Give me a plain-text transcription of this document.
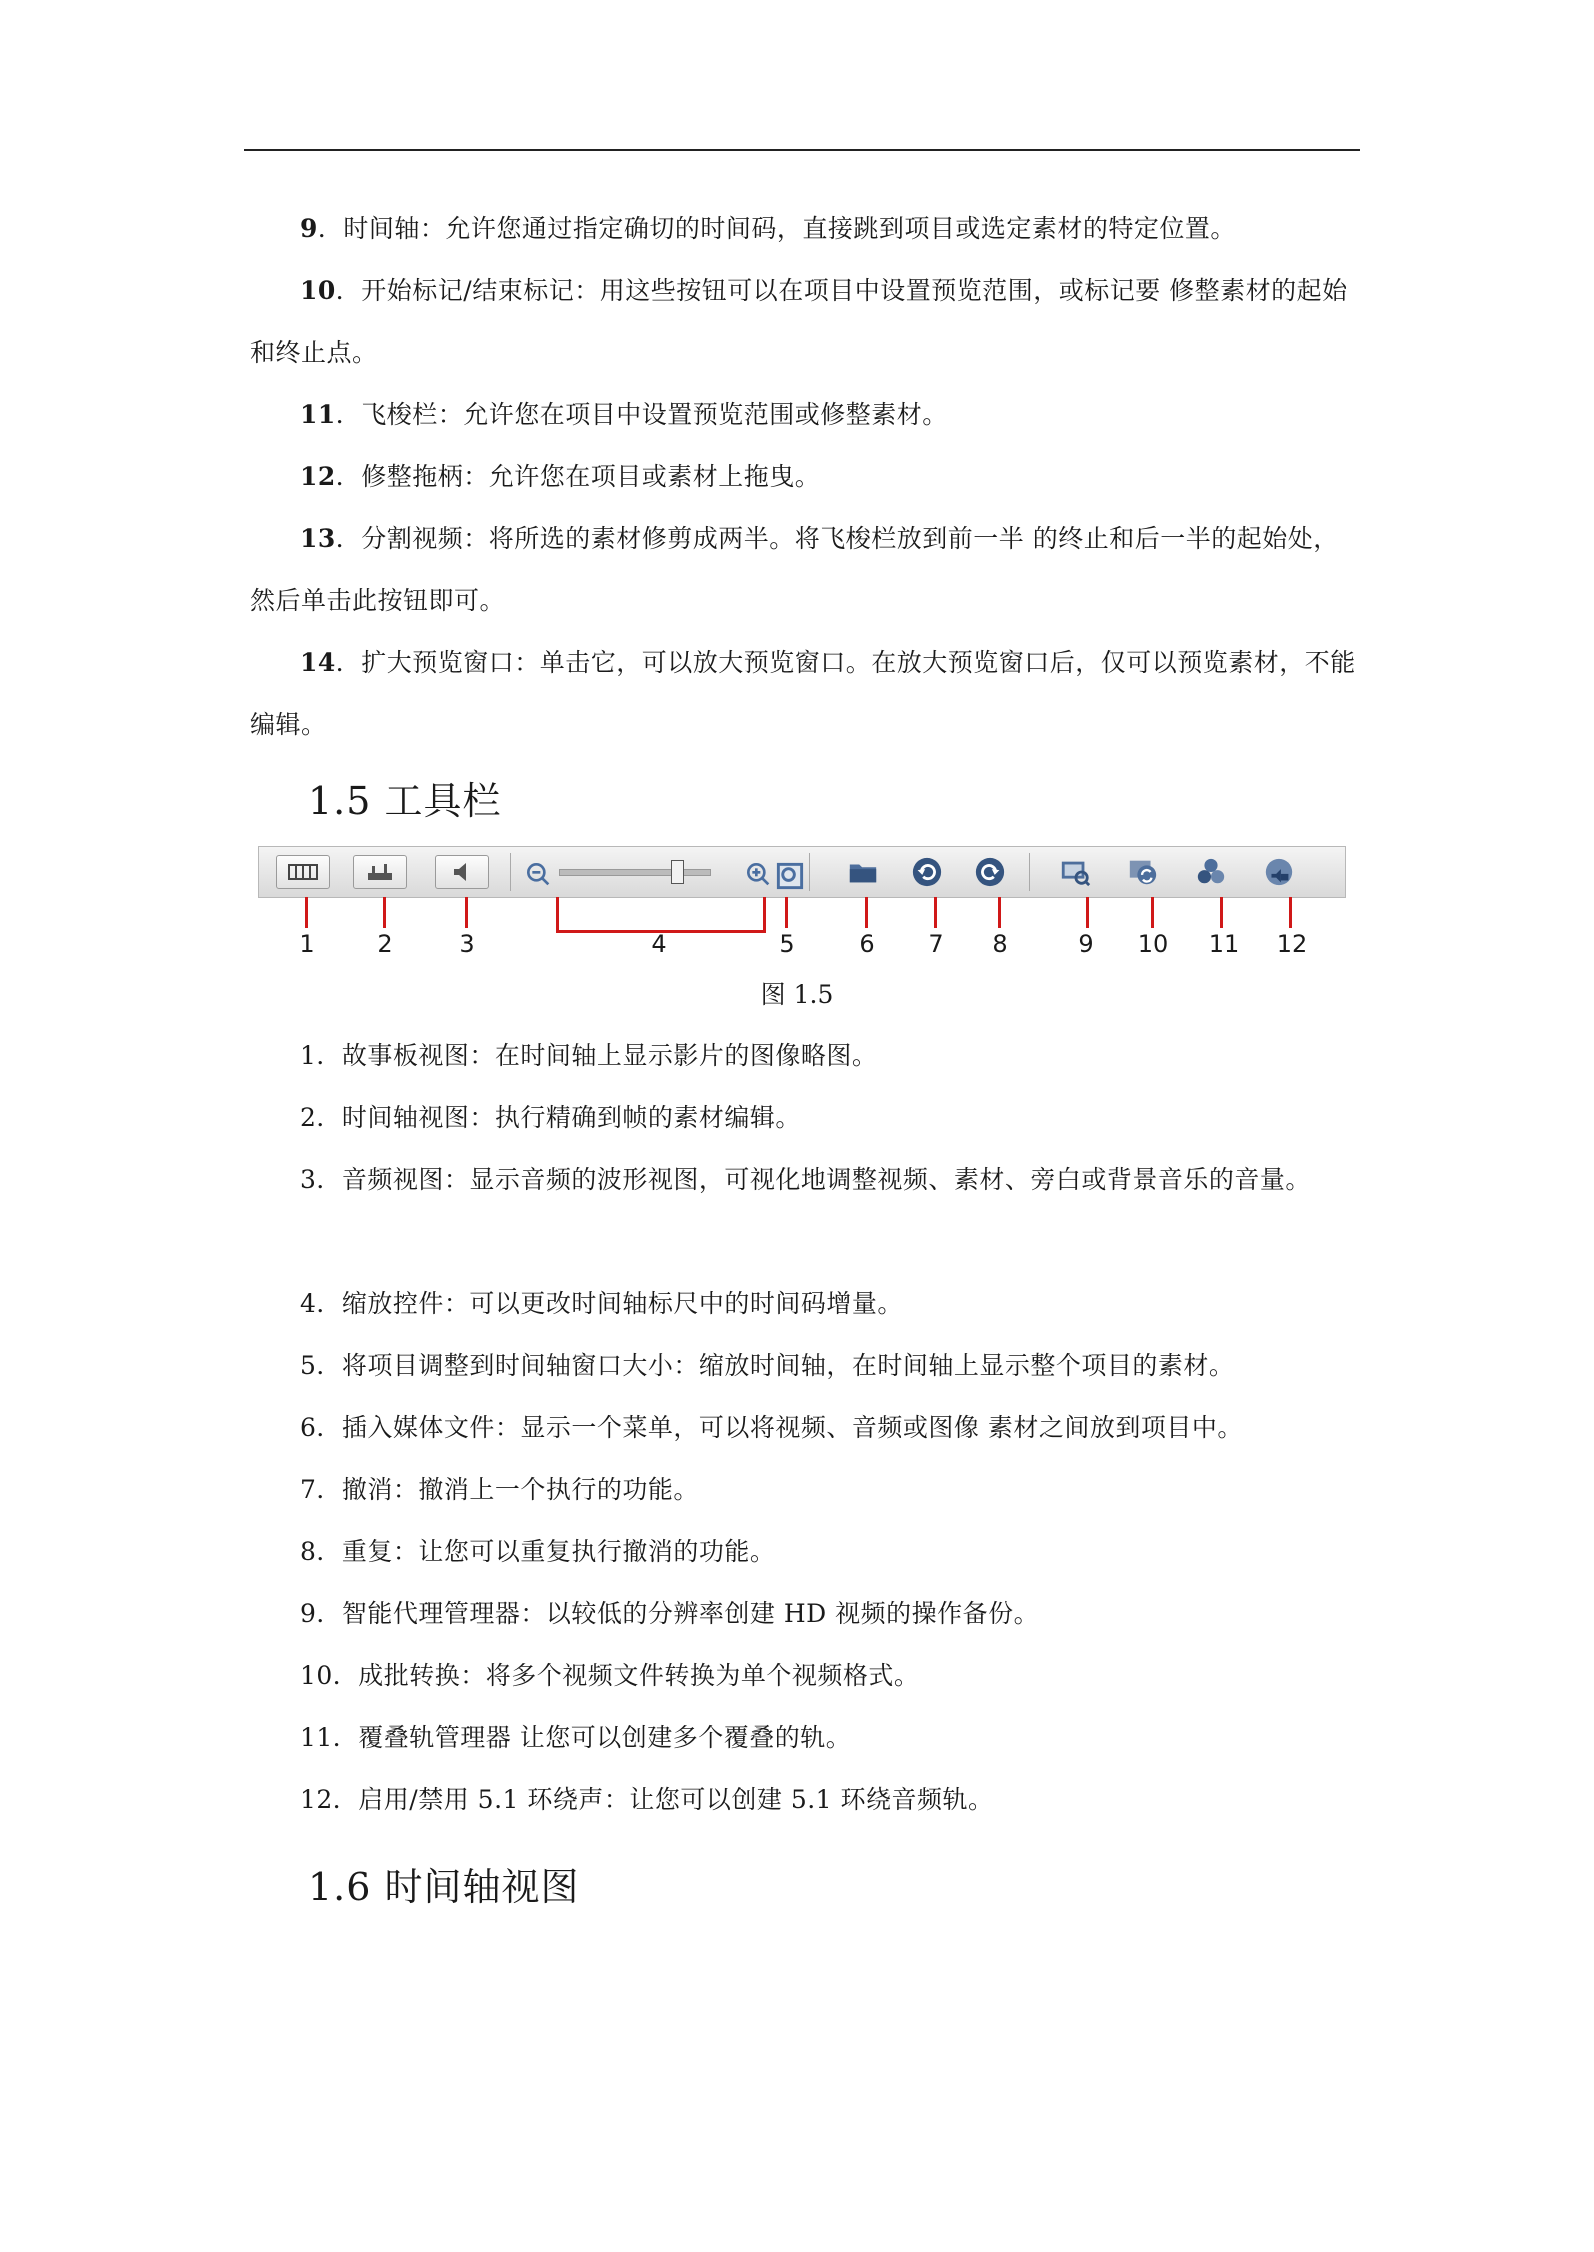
9．时间轴：允许您通过指定确切的时间码，直接跳到项目或选定素材的特定位置。

10．开始标记/结束标记：用这些按钮可以在项目中设置预览范围，或标记要 修整素材的起始和终止点。

11．飞梭栏：允许您在项目中设置预览范围或修整素材。

12．修整拖柄：允许您在项目或素材上拖曳。

13．分割视频：将所选的素材修剪成两半。将飞梭栏放到前一半 的终止和后一半的起始处，然后单击此按钮即可。

14．扩大预览窗口：单击它，可以放大预览窗口。在放大预览窗口后，仅可以预览素材，不能编辑。

1.5 工具栏
1	2	3	4	5	6 7 8	9 10 11 12
图 1.5

1．故事板视图：在时间轴上显示影片的图像略图。

2．时间轴视图：执行精确到帧的素材编辑。

3．音频视图：显示音频的波形视图，可视化地调整视频、素材、旁白或背景音乐的音量。

4．缩放控件：可以更改时间轴标尺中的时间码增量。

5．将项目调整到时间轴窗口大小：缩放时间轴，在时间轴上显示整个项目的素材。

6．插入媒体文件：显示一个菜单，可以将视频、音频或图像 素材之间放到项目中。

7．撤消：撤消上一个执行的功能。

8．重复：让您可以重复执行撤消的功能。

9．智能代理管理器：以较低的分辨率创建 HD 视频的操作备份。

10．成批转换：将多个视频文件转换为单个视频格式。

11．覆叠轨管理器 让您可以创建多个覆叠的轨。

12．启用/禁用 5.1 环绕声：让您可以创建 5.1 环绕音频轨。

1.6 时间轴视图
